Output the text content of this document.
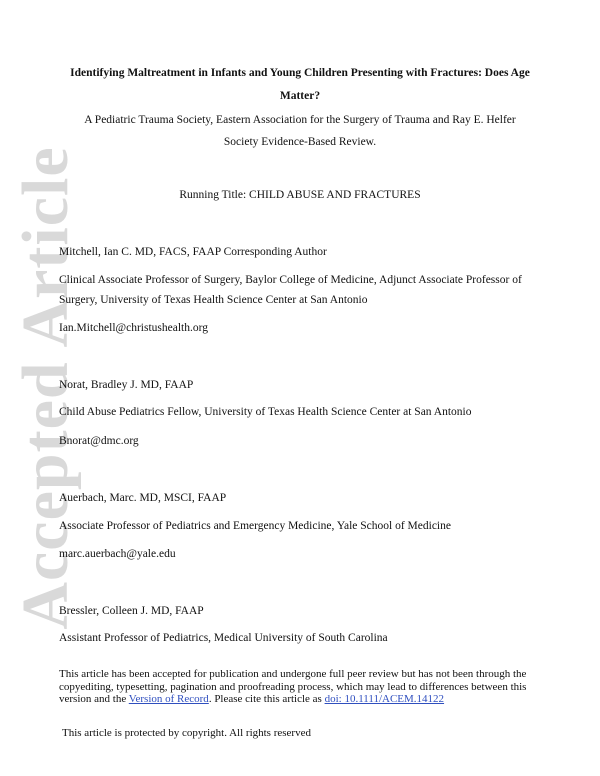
Accepted Article
Identifying Maltreatment in Infants and Young Children Presenting with Fractures: Does Age Matter?
A Pediatric Trauma Society, Eastern Association for the Surgery of Trauma and Ray E. Helfer Society Evidence-Based Review.
Running Title: CHILD ABUSE AND FRACTURES
Mitchell, Ian C. MD, FACS, FAAP Corresponding Author
Clinical Associate Professor of Surgery, Baylor College of Medicine, Adjunct Associate Professor of Surgery, University of Texas Health Science Center at San Antonio
Ian.Mitchell@christushealth.org
Norat, Bradley J. MD, FAAP
Child Abuse Pediatrics Fellow, University of Texas Health Science Center at San Antonio
Bnorat@dmc.org
Auerbach, Marc. MD, MSCI, FAAP
Associate Professor of Pediatrics and Emergency Medicine, Yale School of Medicine
marc.auerbach@yale.edu
Bressler, Colleen J. MD, FAAP
Assistant Professor of Pediatrics, Medical University of South Carolina
This article has been accepted for publication and undergone full peer review but has not been through the copyediting, typesetting, pagination and proofreading process, which may lead to differences between this version and the Version of Record. Please cite this article as doi: 10.1111/ACEM.14122
This article is protected by copyright. All rights reserved
